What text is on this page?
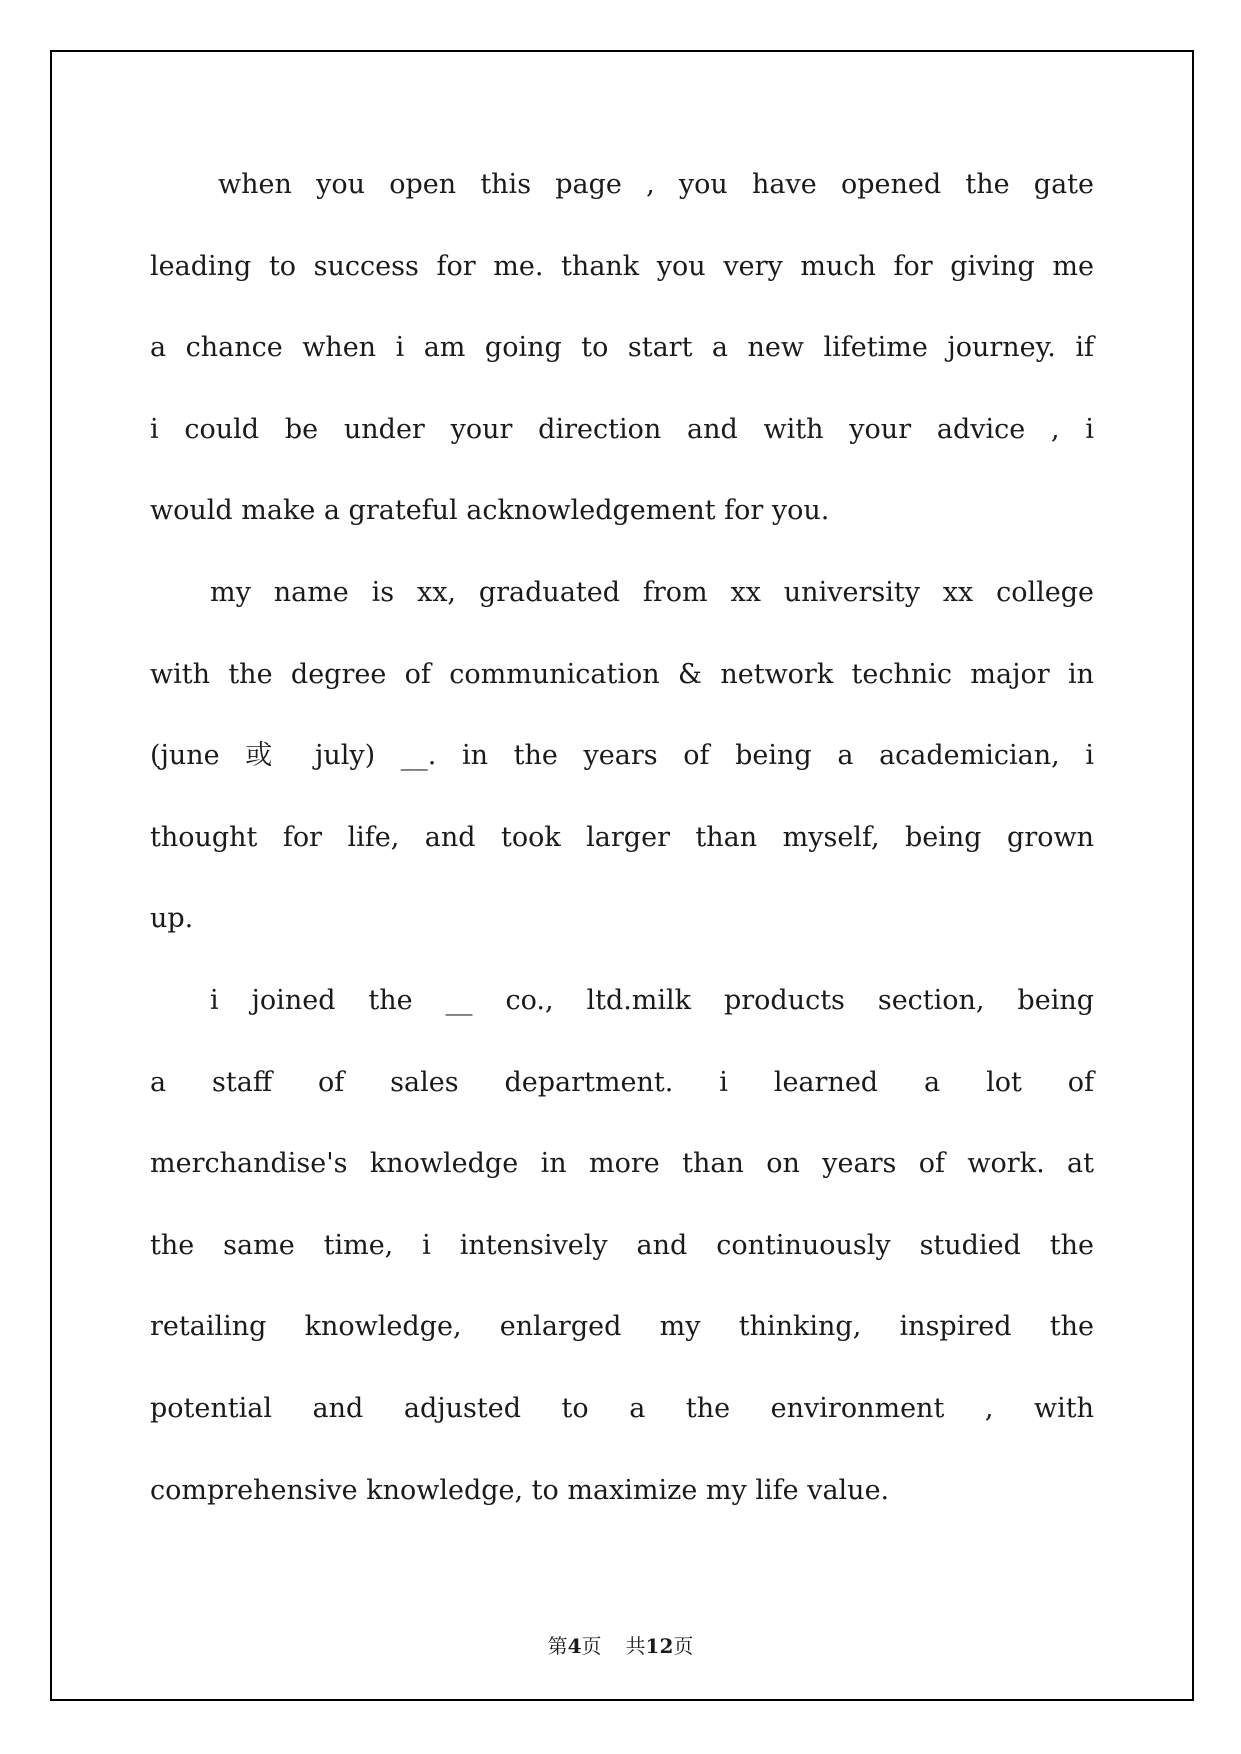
when you open this page , you have opened the gate
leading to success for me. thank you very much for giving me
a chance when i am going to start a new lifetime journey. if
i could be under your direction and with your advice , i
would make a grateful acknowledgement for you.
my name is xx, graduated from xx university xx college
with the degree of communication & network technic major in
(june 或 july) __. in the years of being a academician, i
thought for life, and took larger than myself, being grown
up.
i joined the __ co., ltd.milk products section, being
a staff of sales department. i learned a lot of
merchandise's knowledge in more than on years of work. at
the same time, i intensively and continuously studied the
retailing knowledge, enlarged my thinking, inspired the
potential and adjusted to a the environment , with
comprehensive knowledge, to maximize my life value.
第4页 共12页
